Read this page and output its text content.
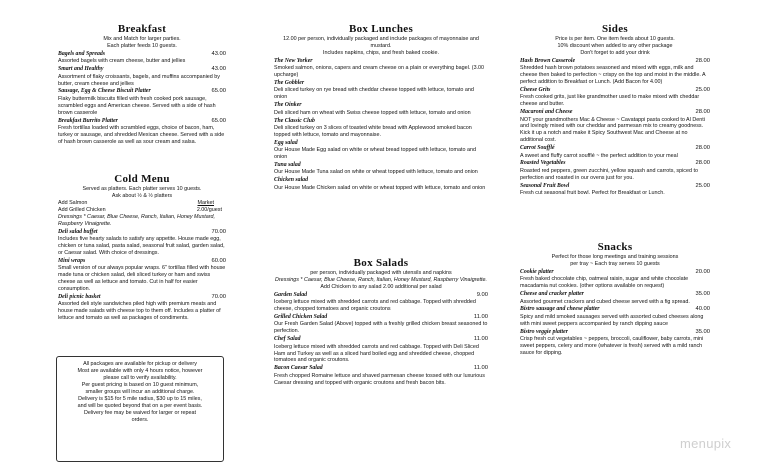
Breakfast
Mix and Match for larger parties.
Each platter feeds 10 guests.
Bagels and Spreads	43.00
Assorted bagels with cream cheese, butter and jellies
Smart and Healthy	43.00
Assortment of flaky croissants, bagels, and muffins accompanied by butter, cream cheese and jellies
Sausage, Egg & Cheese Biscuit Platter	65.00
Flaky buttermilk biscuits filled with fresh cooked pork sausage, scrambled eggs and American cheese. Served with a side of hash brown casserole
Breakfast Burrito Platter	65.00
Fresh tortillas loaded with scrambled eggs, choice of bacon, ham, turkey or sausage, and shredded Mexican cheese. Served with a side of hash brown casserole as well as sour cream and salsa.
Cold Menu
Served as platters. Each platter serves 10 guests.
Ask about ½ & ½ platters
Add Salmon	Market
Add Grilled Chicken	2.00/guest
Dressings * Caesar, Blue Cheese, Ranch, Italian, Honey Mustard, Raspberry Vinaigrette.
Deli salad buffet	70.00
Includes five hearty salads to satisfy any appetite. House made egg, chicken or tuna salad, pasta salad, seasonal fruit salad, garden salad, or Caesar salad. With choice of dressings.
Mini wraps	60.00
Small version of our always popular wraps. 6" tortillas filled with house made tuna or chicken salad, deli sliced turkey or ham and swiss cheese as well as lettuce and tomato. Cut in half for easier consumption.
Deli picnic basket	70.00
Assorted deli style sandwiches piled high with premium meats and house made salads with cheese top to them off. Includes a platter of lettuce and tomato as well as packages of condiments.
All packages are available for pickup or delivery
Most are available with only 4 hours notice, however
please call to verify availability.
Per guest pricing is based on 10 guest minimum,
smaller groups will incur an additional charge.
Delivery is $15 for 5 mile radius, $30 up to 15 miles,
and will be quoted beyond that on a per event basis.
Delivery fee may be waived for larger or repeat
orders.
Box Lunches
12.00 per person, individually packaged and include packages of mayonnaise and mustard.
Includes napkins, chips, and fresh baked cookie.
The New Yorker
Smoked salmon, onions, capers and cream cheese on a plain or everything bagel. (3.00 upcharge)
The Gobbler
Deli sliced turkey on rye bread with cheddar cheese topped with lettuce, tomato and onion
The Oinker
Deli sliced ham on wheat with Swiss cheese topped with lettuce, tomato and onion
The Classic Club
Deli sliced turkey on 3 slices of toasted white bread with Applewood smoked bacon topped with lettuce, tomato and mayonnaise.
Egg salad
Our House Made Egg salad on white or wheat bread topped with lettuce, tomato and onion
Tuna salad
Our House Made Tuna salad on white or wheat topped with lettuce, tomato and onion
Chicken salad
Our House Made Chicken salad on white or wheat topped with lettuce, tomato and onion
Box Salads
per person, individually packaged with utensils and napkins
Dressings * Caesar, Blue Cheese, Ranch, Italian, Honey Mustard, Raspberry Vinaigrette.
Add Chicken to any salad 2.00 additional per salad
Garden Salad	9.00
Iceberg lettuce mixed with shredded carrots and red cabbage. Topped with shredded cheese, chopped tomatoes and organic croutons
Grilled Chicken Salad	11.00
Our Fresh Garden Salad (Above) topped with a freshly grilled chicken breast seasoned to perfection.
Chef Salad	11.00
Iceberg lettuce mixed with shredded carrots and red cabbage. Topped with Deli Sliced Ham and Turkey as well as a sliced hard boiled egg and shredded cheese, chopped tomatoes and organic croutons.
Bacon Caesar Salad	11.00
Fresh chopped Romaine lettuce and shaved parmesan cheese tossed with our luxurious Caesar dressing and topped with organic croutons and fresh bacon bits.
Sides
Price is per item. One item feeds about 10 guests.
10% discount when added to any other package
Don't forget to add your drink
Hash Brown Casserole	28.00
Shredded hash brown potatoes seasoned and mixed with eggs, milk and cheese then baked to perfection ~ crispy on the top and moist in the middle. A perfect addition to Breakfast or Lunch. (Add Bacon for 4.00)
Cheese Grits	25.00
Fresh cooked grits, just like grandmother used to make mixed with cheddar cheese and butter.
Macaroni and Cheese	28.00
NOT your grandmothers Mac & Cheese ~ Cavatappi pasta cooked to Al Denti and lovingly mixed with our cheddar and parmesan mix to creamy goodness. Kick it up a notch and make it Spicy Southwest Mac and Cheese at no additional cost.
Carrot Soufflé	28.00
A sweet and fluffy carrot soufflé ~ the perfect addition to your meal
Roasted Vegetables	28.00
Roasted red peppers, green zucchini, yellow squash and carrots, spiced to perfection and roasted in our ovens just for you.
Seasonal Fruit Bowl	25.00
Fresh cut seasonal fruit bowl. Perfect for Breakfast or Lunch.
Snacks
Perfect for those long meetings and training sessions
per tray ~ Each tray serves 10 guests
Cookie platter	20.00
Fresh baked chocolate chip, oatmeal raisin, sugar and white chocolate macadamia nut cookies. (other options available on request)
Cheese and cracker platter	35.00
Assorted gourmet crackers and cubed cheese served with a fig spread.
Bistro sausage and cheese platter	40.00
Spicy and mild smoked sausages served with assorted cubed cheeses along with mini sweet peppers accompanied by ranch dipping sauce
Bistro veggie platter	35.00
Crisp fresh cut vegetables ~ peppers, broccoli, cauliflower, baby carrots, mini sweet peppers, celery and more (whatever is fresh) served with a mild ranch sauce for dipping.
menupix
